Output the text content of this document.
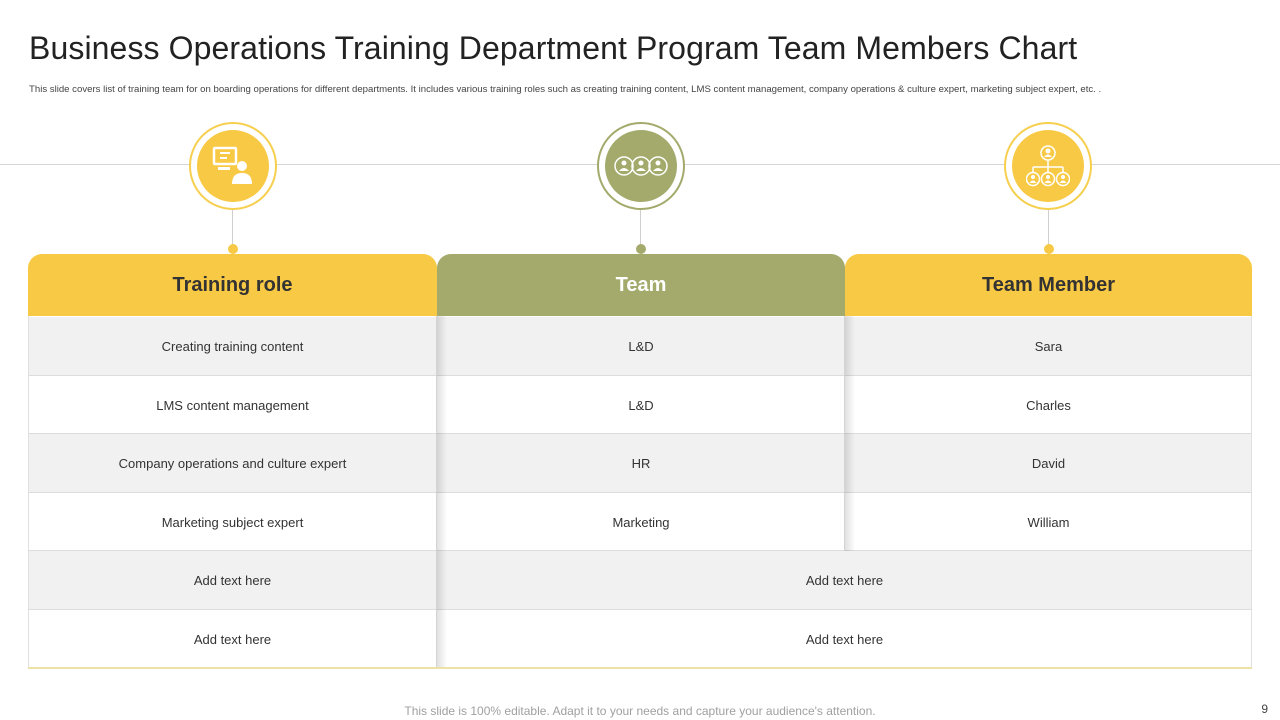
Business Operations Training Department Program Team Members Chart
This slide covers list of training team for on boarding operations for different departments. It includes various training roles such as creating training content, LMS content management, company operations & culture expert, marketing subject expert, etc. .
Training role	Team	Team Member
Creating training content	L&D	Sara
LMS content management	L&D	Charles
Company operations and culture expert	HR	David
Marketing subject expert	Marketing	William
Add text here	Add text here
Add text here	Add text here
This slide is 100% editable. Adapt it to your needs and capture your audience's attention.	9
